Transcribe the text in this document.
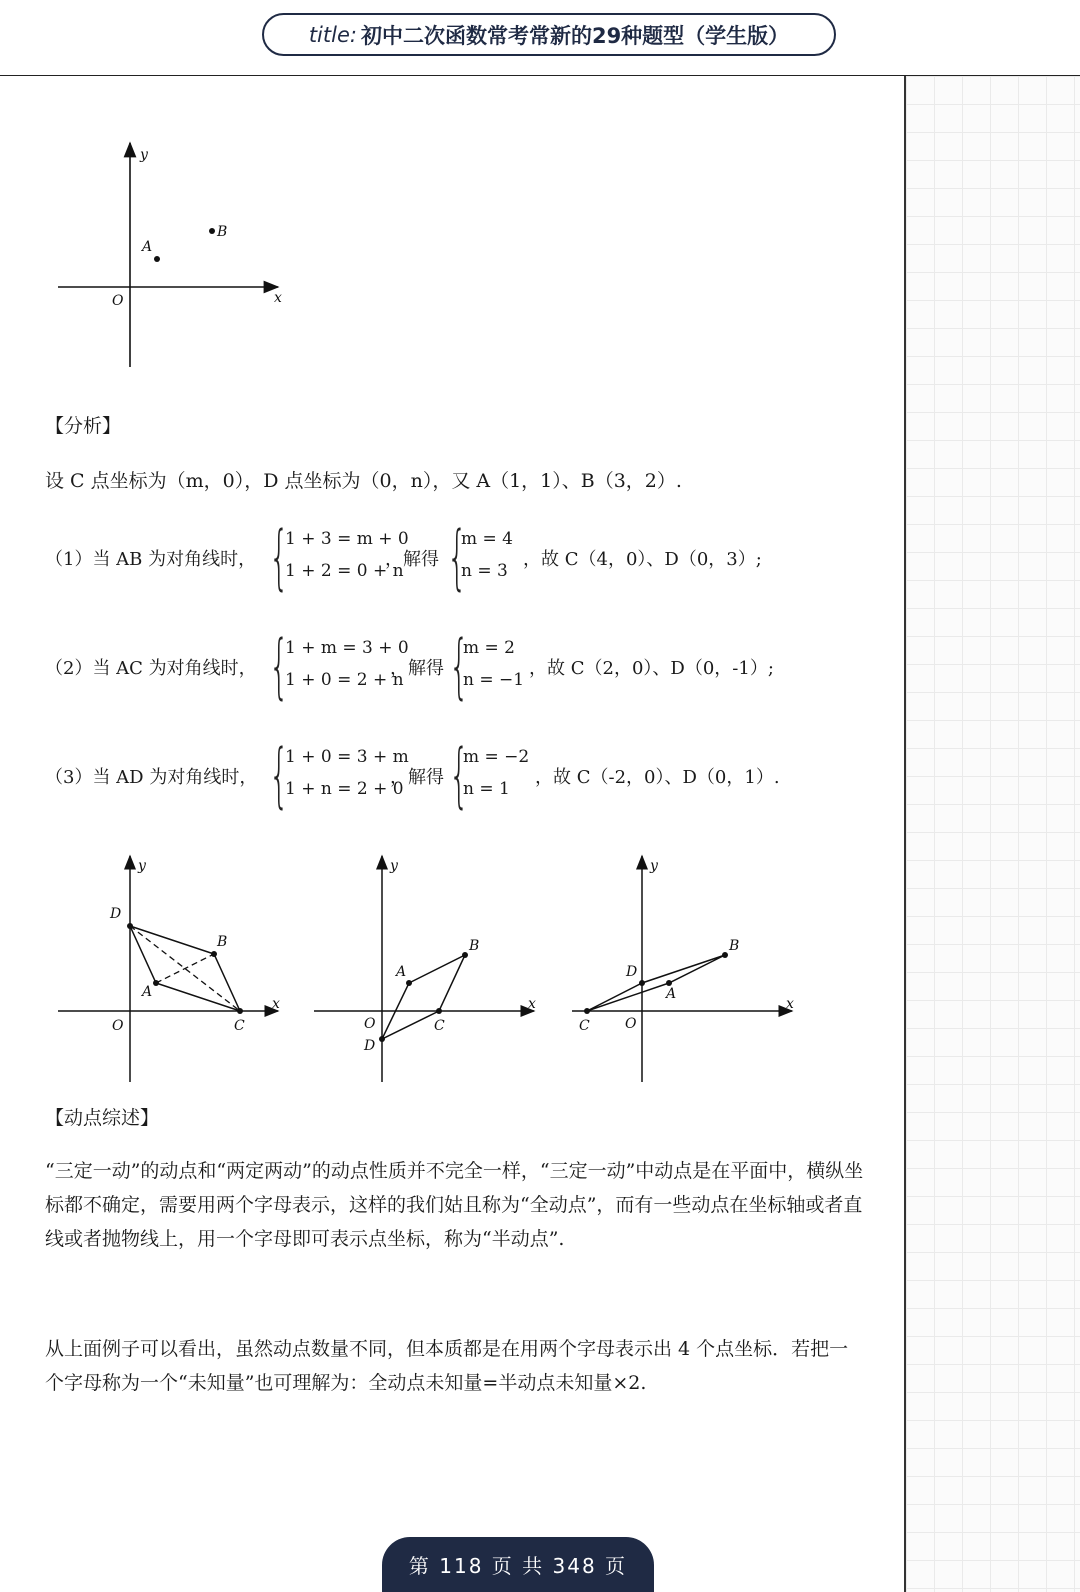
title: 初中二次函数常考常新的29种题型（学生版）
y
x
O
A
B
【分析】
设 C 点坐标为（m，0），D 点坐标为（0，n），又 A（1，1）、B（3，2）.
（1）当 AB 为对角线时， {
1 + 3 = m + 0
1 + 2 = 0 + n
，解得 {
m = 4
n = 3
，故 C（4，0）、D（0，3）;
（2）当 AC 为对角线时， {
1 + m = 3 + 0
1 + 0 = 2 + n
，解得 {
m = 2
n = −1
，故 C（2，0）、D（0，-1）;
（3）当 AD 为对角线时， {
1 + 0 = 3 + m
1 + n = 2 + 0
，解得 {
m = −2
n = 1
，故 C（-2，0）、D（0，1）.
y
x
O
D
B
A
C
y
x
O
A
B
C
D
y
x
O
C
D
A
B
【动点综述】
“三定一动”的动点和“两定两动”的动点性质并不完全一样，“三定一动”中动点是在平面中，横纵坐标都不确定，需要用两个字母表示，这样的我们姑且称为“全动点”，而有一些动点在坐标轴或者直线或者抛物线上，用一个字母即可表示点坐标，称为“半动点”.
从上面例子可以看出，虽然动点数量不同，但本质都是在用两个字母表示出 4 个点坐标．若把一个字母称为一个“未知量”也可理解为：全动点未知量=半动点未知量×2.
第 118 页 共 348 页
